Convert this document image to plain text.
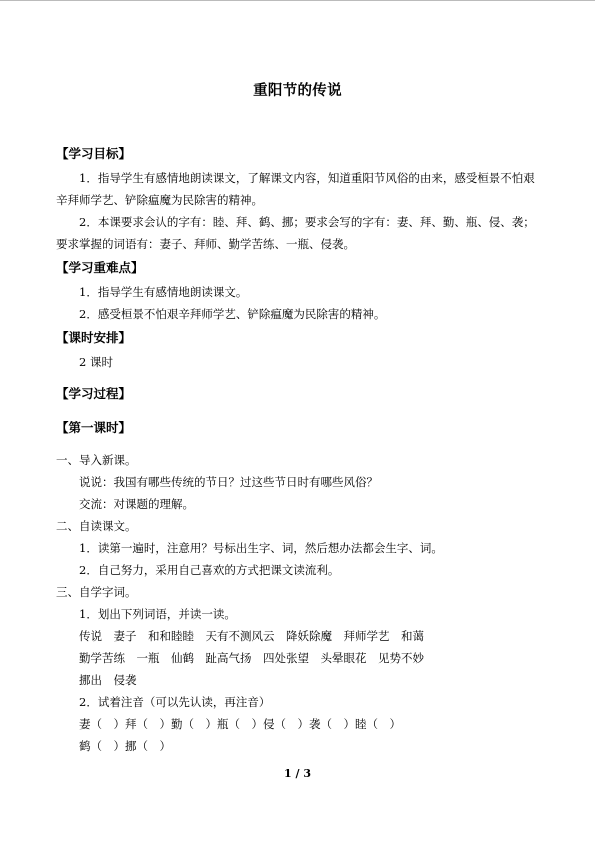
重阳节的传说
【学习目标】
1．指导学生有感情地朗读课文，了解课文内容，知道重阳节风俗的由来，感受桓景不怕艰辛拜师学艺、铲除瘟魔为民除害的精神。
2．本课要求会认的字有：睦、拜、鹤、挪；要求会写的字有：妻、拜、勤、瓶、侵、袭；要求掌握的词语有：妻子、拜师、勤学苦练、一瓶、侵袭。
【学习重难点】
1．指导学生有感情地朗读课文。
2．感受桓景不怕艰辛拜师学艺、铲除瘟魔为民除害的精神。
【课时安排】
2 课时
【学习过程】
【第一课时】
一、导入新课。
说说：我国有哪些传统的节日？过这些节日时有哪些风俗？
交流：对课题的理解。
二、自读课文。
1．读第一遍时，注意用？号标出生字、词，然后想办法都会生字、词。
2．自己努力，采用自己喜欢的方式把课文读流利。
三、自学字词。
1．划出下列词语，并读一读。
传说　妻子　和和睦睦　天有不测风云　降妖除魔　拜师学艺　和蔼
勤学苦练　一瓶　仙鹤　趾高气扬　四处张望　头晕眼花　见势不妙
挪出　侵袭
2．试着注音（可以先认读，再注音）
妻（　）拜（　）勤（　）瓶（　）侵（　）袭（　）睦（　）
鹤（　）挪（　）
1 / 3
